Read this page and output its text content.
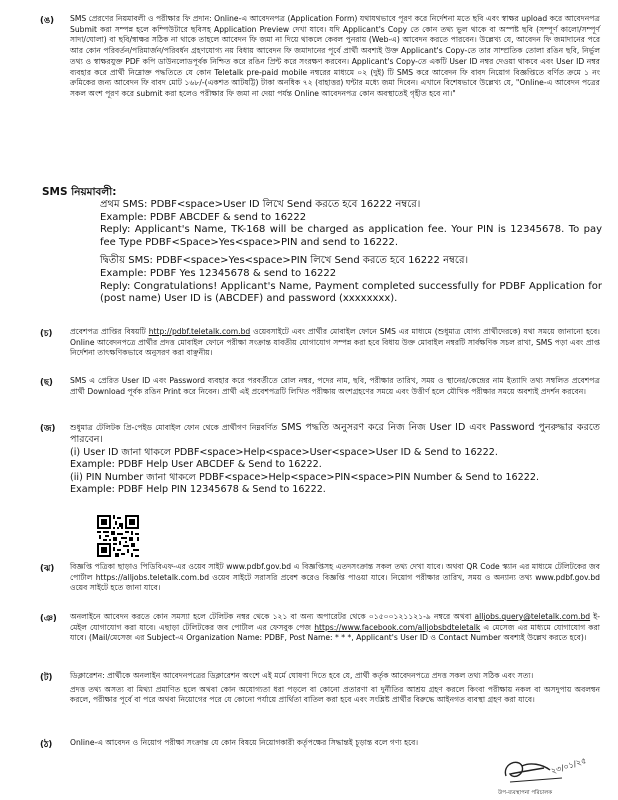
(ঙ) SMS প্রেরণের নিয়মাবলী ও পরীক্ষার ফি প্রদান: Online-এ আবেদনপত্র (Application Form) যথাযথভাবে পূরণ করে নির্দেশনা মতে ছবি এবং স্বাক্ষর upload করে আবেদনপত্র Submit করা সম্পন্ন হলে কম্পিউটারে ছবিসহ Application Preview দেখা যাবে। যদি Applicant's Copy তে কোন তথ্য ভুল থাকে বা অস্পষ্ট ছবি (সম্পূর্ণ কালো/সম্পূর্ণ সাদা/ঘোলা) বা ছবি/স্বাক্ষর সঠিক না থাকে তাহলে আবেদন ফি জমা না দিয়ে থাকলে কেবল পুনরায় (Web-এ) আবেদন করতে পারবেন। উল্লেখ্য যে, আবেদন ফি জমাদানের পরে আর কোন পরিবর্তন/পরিমার্জন/পরিবর্ধন গ্রহণযোগ্য নয় বিধায় আবেদন ফি জমাদানের পূর্বে প্রার্থী অবশ্যই উক্ত Applicant's Copy-তে তার সাম্প্রতিক তোলা রঙিন ছবি, নির্ভুল তথ্য ও স্বাক্ষরযুক্ত PDF কপি ডাউনলোডপূর্বক নিশ্চিত করে রঙিন প্রিন্ট করে সংরক্ষণ করবেন। Applicant's Copy-তে একটি User ID নম্বর দেওয়া থাকবে এবং User ID নম্বর ব্যবহার করে প্রার্থী নিম্নোক্ত পদ্ধতিতে যে কোন Teletalk pre-paid mobile নম্বরের মাধ্যমে ০২ (দুই) টি SMS করে আবেদন ফি বাবদ নিয়োগ বিজ্ঞপ্তিতে বর্ণিত ক্রমে ১ নং ক্রমিকের জন্য আবেদন ফি বাবদ মোট ১৬৮/-(একশত আটষট্টি) টাকা অনধিক ৭২ (বাহাত্তর) ঘন্টার মধ্যে জমা দিবেন। এখানে বিশেষভাবে উল্লেখ্য যে, "Online-এ আবেদন পত্রের সকল অংশ পূরণ করে submit করা হলেও পরীক্ষার ফি জমা না দেয়া পর্যন্ত Online আবেদনপত্র কোন অবস্থাতেই গৃহীত হবে না।"
SMS নিয়মাবলী:
প্রথম SMS: PDBF<space>User ID লিখে Send করতে হবে 16222 নম্বরে।
Example: PDBF ABCDEF & send to 16222
Reply: Applicant's Name, TK-168 will be charged as application fee. Your PIN is 12345678. To pay fee Type PDBF<Space>Yes<space>PIN and send to 16222.
দ্বিতীয় SMS: PDBF<space>Yes<space>PIN লিখে Send করতে হবে 16222 নম্বরে।
Example: PDBF Yes 12345678 & send to 16222
Reply: Congratulations! Applicant's Name, Payment completed successfully for PDBF Application for (post name) User ID is (ABCDEF) and password (xxxxxxxx).
(চ) প্রবেশপত্র প্রাপ্তির বিষয়টি http://pdbf.teletalk.com.bd ওয়েবসাইটে এবং প্রার্থীর মোবাইল ফোনে SMS এর মাধ্যমে (শুধুমাত্র যোগ্য প্রার্থীদেরকে) যথা সময়ে জানানো হবে। Online আবেদনপত্রে প্রার্থীর প্রদত্ত মোবাইল ফোনে পরীক্ষা সংক্রান্ত যাবতীয় যোগাযোগ সম্পন্ন করা হবে বিধায় উক্ত মোবাইল নম্বরটি সার্বক্ষণিক সচল রাখা, SMS পড়া এবং প্রাপ্ত নির্দেশনা তাৎক্ষণিকভাবে অনুসরণ করা বাঞ্ছনীয়।
(ছ) SMS এ প্রেরিত User ID এবং Password ব্যবহার করে পরবর্তীতে রোল নম্বর, পদের নাম, ছবি, পরীক্ষার তারিখ, সময় ও স্থানের/কেন্দ্রের নাম ইত্যাদি তথ্য সম্বলিত প্রবেশপত্র প্রার্থী Download পূর্বক রঙিন Print করে নিবেন। প্রার্থী এই প্রবেশপত্রটি লিখিত পরীক্ষায় অংশগ্রহণের সময়ে এবং উত্তীর্ণ হলে মৌখিক পরীক্ষার সময়ে অবশ্যই প্রদর্শন করবেন।
(জ) শুধুমাত্র টেলিটক প্রি-পেইড মোবাইল ফোন থেকে প্রার্থীগণ নিম্নবর্ণিত SMS পদ্ধতি অনুসরণ করে নিজ নিজ User ID এবং Password পুনরুদ্ধার করতে পারবেন।
(i) User ID জানা থাকলে PDBF<space>Help<space>User<space>User ID & Send to 16222.
Example: PDBF Help User ABCDEF & Send to 16222.
(ii) PIN Number জানা থাকলে PDBF<space>Help<space>PIN<space>PIN Number & Send to 16222.
Example: PDBF Help PIN 12345678 & Send to 16222.
(ঝ) বিজ্ঞপ্তি পত্রিকা ছাড়াও পিডিবিএফ-এর ওয়েব সাইট www.pdbf.gov.bd এ বিজ্ঞপ্তিসহ এতদসংক্রান্ত সকল তথ্য দেখা যাবে। অথবা QR Code স্ক্যান এর মাধ্যমে টেলিটকের জব পোর্টাল https://alljobs.teletalk.com.bd ওয়েব সাইটে সরাসরি প্রবেশ করেও বিজ্ঞপ্তি পাওয়া যাবে। নিয়োগ পরীক্ষার তারিখ, সময় ও অন্যান্য তথ্য www.pdbf.gov.bd ওয়েব সাইটে হতে জানা যাবে।
(ঞ) অনলাইনে আবেদন করতে কোন সমস্যা হলে টেলিটক নম্বর থেকে ১২১ বা অন্য অপারেটর থেকে ০১৫০০১২১১২১-৯ নম্বরে অথবা alljobs.query@teletalk.com.bd ই-মেইল যোগাযোগ করা যাবে। এছাড়া টেলিটকের জব পোর্টাল এর ফেসবুক পেজ https://www.facebook.com/alljobsbdteletalk এ মেসেজ এর মাধ্যমে যোগাযোগ করা যাবে। (Mail/মেসেজ এর Subject-এ Organization Name: PDBF, Post Name: * * *, Applicant's User ID ও Contact Number অবশ্যই উল্লেখ করতে হবে)।
(ট) ডিক্লারেশন: প্রার্থীকে অনলাইন আবেদনপত্রের ডিক্লারেশন অংশে এই মর্মে ঘোষণা দিতে হবে যে, প্রার্থী কর্তৃক আবেদনপত্রে প্রদত্ত সকল তথ্য সঠিক এবং সত্য।
প্রদত্ত তথ্য অসত্য বা মিথ্যা প্রমাণিত হলে অথবা কোন অযোগ্যতা ধরা পড়লে বা কোনো প্রতারণা বা দুর্নীতির আশ্রয় গ্রহণ করলে কিংবা পরীক্ষায় নকল বা অসদুপায় অবলম্বন করলে, পরীক্ষার পূর্বে বা পরে অথবা নিয়োগের পরে যে কোনো পর্যায়ে প্রার্থিতা বাতিল করা হবে এবং সংশ্লিষ্ট প্রার্থীর বিরুদ্ধে আইনগত ব্যবস্থা গ্রহণ করা যাবে।
(ঠ) Online-এ আবেদন ও নিয়োগ পরীক্ষা সংক্রান্ত যে কোন বিষয়ে নিয়োগকারী কর্তৃপক্ষের সিদ্ধান্তই চূড়ান্ত বলে গণ্য হবে।
২৩/০১/২৫
উপ-ব্যবস্থাপনা পরিচালক
